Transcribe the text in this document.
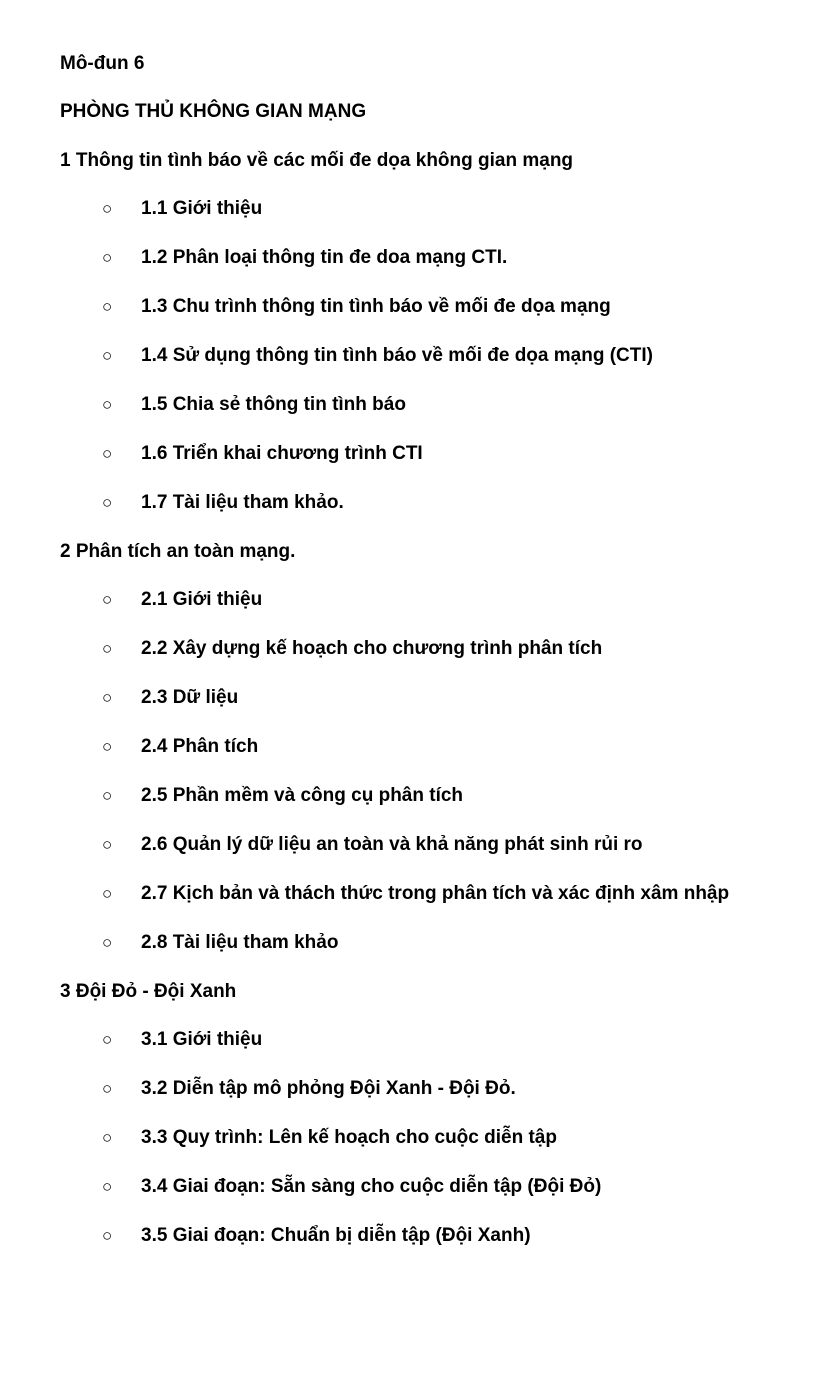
Mô-đun 6
PHÒNG THỦ KHÔNG GIAN MẠNG
1 Thông tin tình báo về các mối đe dọa không gian mạng
○ 1.1 Giới thiệu
○ 1.2 Phân loại thông tin đe doa mạng CTI.
○ 1.3 Chu trình thông tin tình báo về mối đe dọa mạng
○ 1.4 Sử dụng thông tin tình báo về mối đe dọa mạng (CTI)
○ 1.5 Chia sẻ thông tin tình báo
○ 1.6 Triển khai chương trình CTI
○ 1.7 Tài liệu tham khảo.
2 Phân tích an toàn mạng.
○ 2.1 Giới thiệu
○ 2.2 Xây dựng kế hoạch cho chương trình phân tích
○ 2.3 Dữ liệu
○ 2.4 Phân tích
○ 2.5 Phần mềm và công cụ phân tích
○ 2.6 Quản lý dữ liệu an toàn và khả năng phát sinh rủi ro
○ 2.7 Kịch bản và thách thức trong phân tích và xác định xâm nhập
○ 2.8 Tài liệu tham khảo
3 Đội Đỏ - Đội Xanh
○ 3.1 Giới thiệu
○ 3.2 Diễn tập mô phỏng Đội Xanh - Đội Đỏ.
○ 3.3 Quy trình: Lên kế hoạch cho cuộc diễn tập
○ 3.4 Giai đoạn: Sẵn sàng cho cuộc diễn tập (Đội Đỏ)
○ 3.5 Giai đoạn: Chuẩn bị diễn tập (Đội Xanh)
